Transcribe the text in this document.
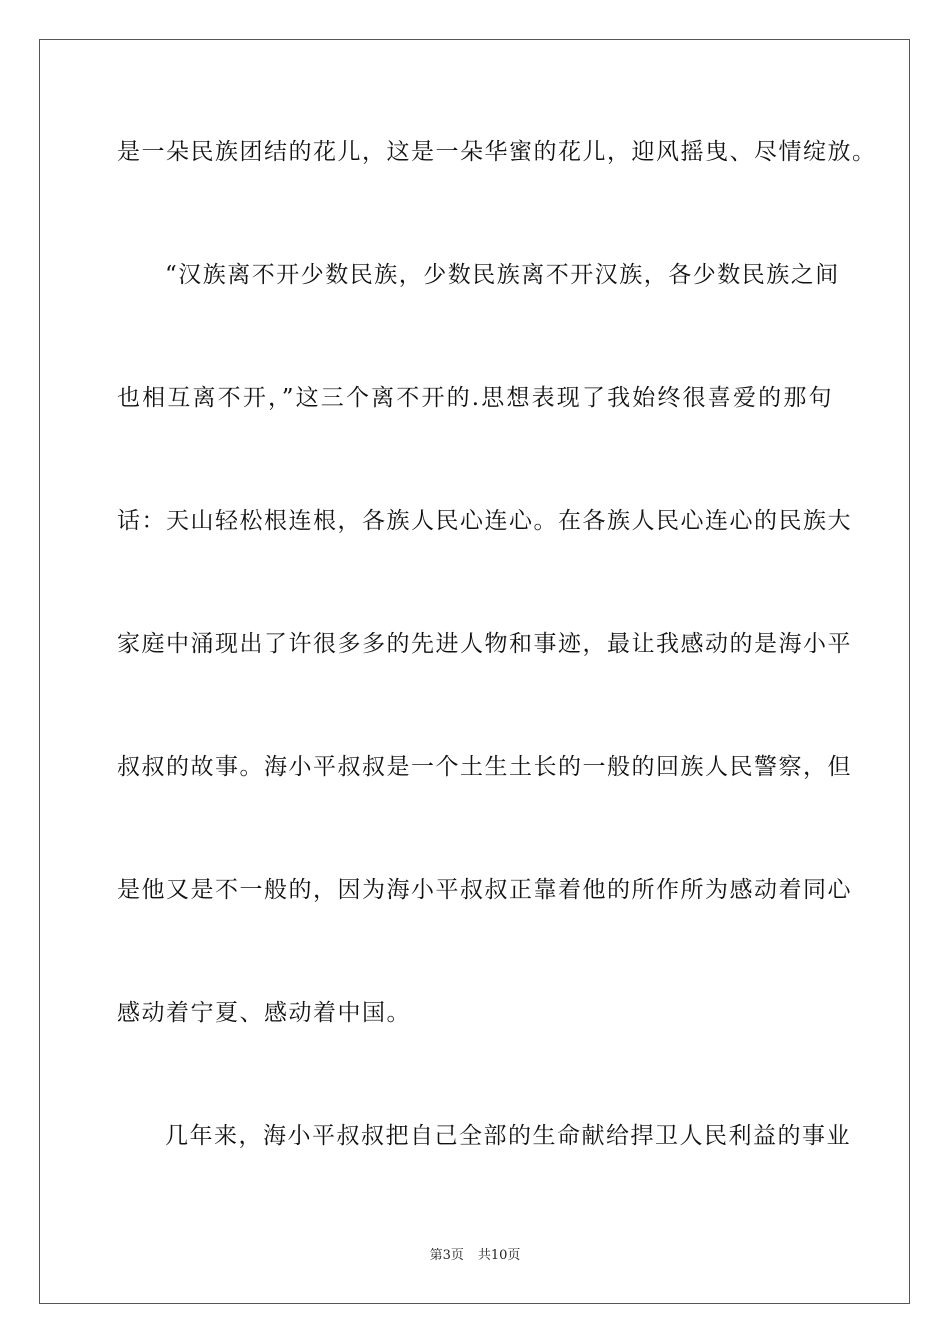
是一朵民族团结的花儿，这是一朵华蜜的花儿，迎风摇曳、尽情绽放。
“汉族离不开少数民族，少数民族离不开汉族，各少数民族之间
也相互离不开，”这三个离不开的.思想表现了我始终很喜爱的那句
话：天山轻松根连根，各族人民心连心。在各族人民心连心的民族大
家庭中涌现出了许很多多的先进人物和事迹，最让我感动的是海小平
叔叔的故事。海小平叔叔是一个土生土长的一般的回族人民警察，但
是他又是不一般的，因为海小平叔叔正靠着他的所作所为感动着同心
感动着宁夏、感动着中国。
几年来，海小平叔叔把自己全部的生命献给捍卫人民利益的事业
第3页 共10页
